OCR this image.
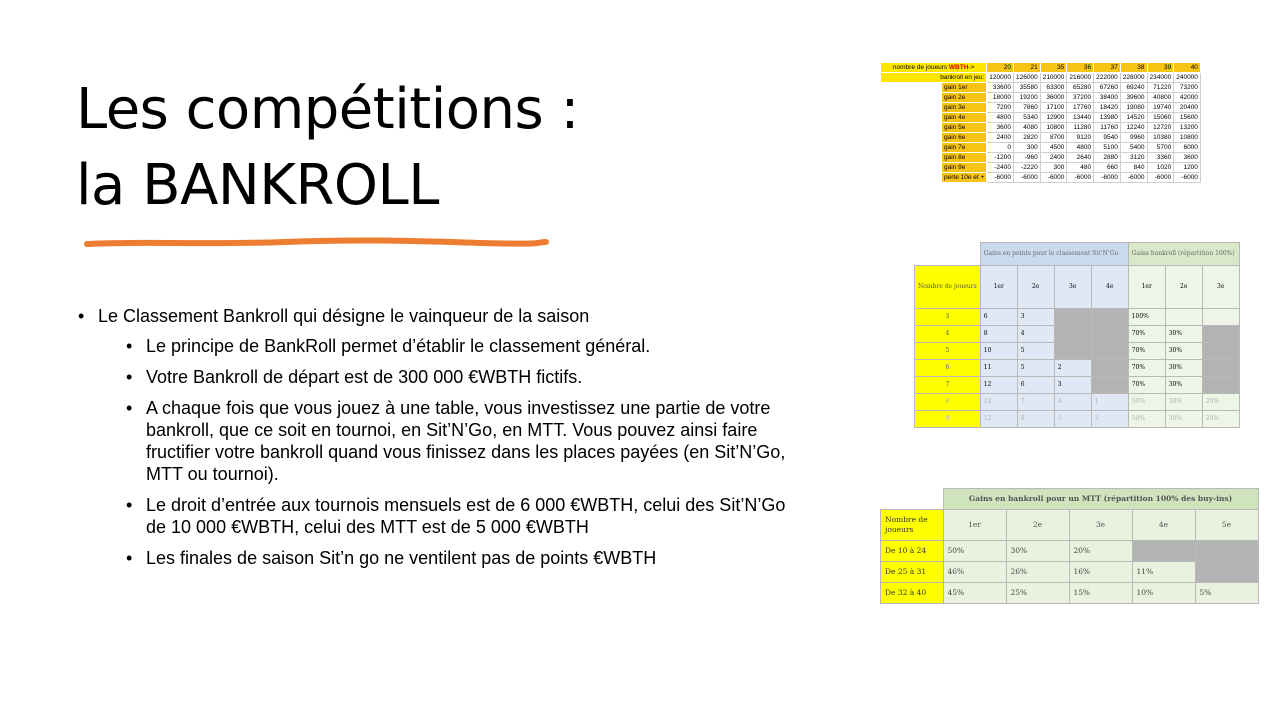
Les compétitions :
la BANKROLL
• Le Classement Bankroll qui désigne le vainqueur de la saison
• Le principe de BankRoll permet d’établir le classement général.
• Votre Bankroll de départ est de 300 000 €WBTH fictifs.
• A chaque fois que vous jouez à une table, vous investissez une partie de votre bankroll, que ce soit en tournoi, en Sit’N’Go, en MTT. Vous pouvez ainsi faire fructifier votre bankroll quand vous finissez dans les places payées (en Sit’N’Go, MTT ou tournoi).
• Le droit d’entrée aux tournois mensuels est de 6 000 €WBTH, celui des Sit’N’Go de 10 000 €WBTH, celui des MTT est de 5 000 €WBTH
• Les finales de saison Sit’n go ne ventilent pas de points €WBTH
nombre de joueurs WBTH->		20	21	35	36	37	38	39	40
bankroll en jeu:		120000	126000	210000	216000	222000	228000	234000	240000
	gain 1er	33600	35580	63300	65280	67260	69240	71220	73200
	gain 2e	18000	19200	36000	37200	38400	39600	40800	42000
	gain 3e	7200	7860	17100	17760	18420	19080	19740	20400
	gain 4e	4800	5340	12900	13440	13980	14520	15060	15600
	gain 5e	3600	4080	10800	11280	11760	12240	12720	13200
	gain 6e	2400	2820	8700	9120	9540	9960	10380	10800
	gain 7e	0	300	4500	4800	5100	5400	5700	6000
	gain 8e	-1200	-960	2400	2640	2880	3120	3360	3600
	gain 9e	-2400	-2220	300	480	660	840	1020	1200
	perte 10e et +	-6000	-6000	-6000	-6000	-6000	-6000	-6000	-6000
	Gains en points pour le classement Sit’N’Go				Gains bankroll (répartition 100%)		
Nombre de joueurs	1er	2e	3e	4e	1er	2e	3e
3	6	3			100%		
4	8	4			70%	30%	
5	10	5			70%	30%	
6	11	5	2		70%	30%	
7	12	6	3		70%	30%	
8	12	7	4	1	50%	30%	20%
9	12	8	5	2	50%	30%	20%
	Gains en bankroll pour un MTT (répartition 100% des buy-ins)				
Nombre de joueurs	1er	2e	3e	4e	5e
De 10 à 24	50%	30%	20%		
De 25 à 31	46%	26%	16%	11%	
De 32 à 40	45%	25%	15%	10%	5%
